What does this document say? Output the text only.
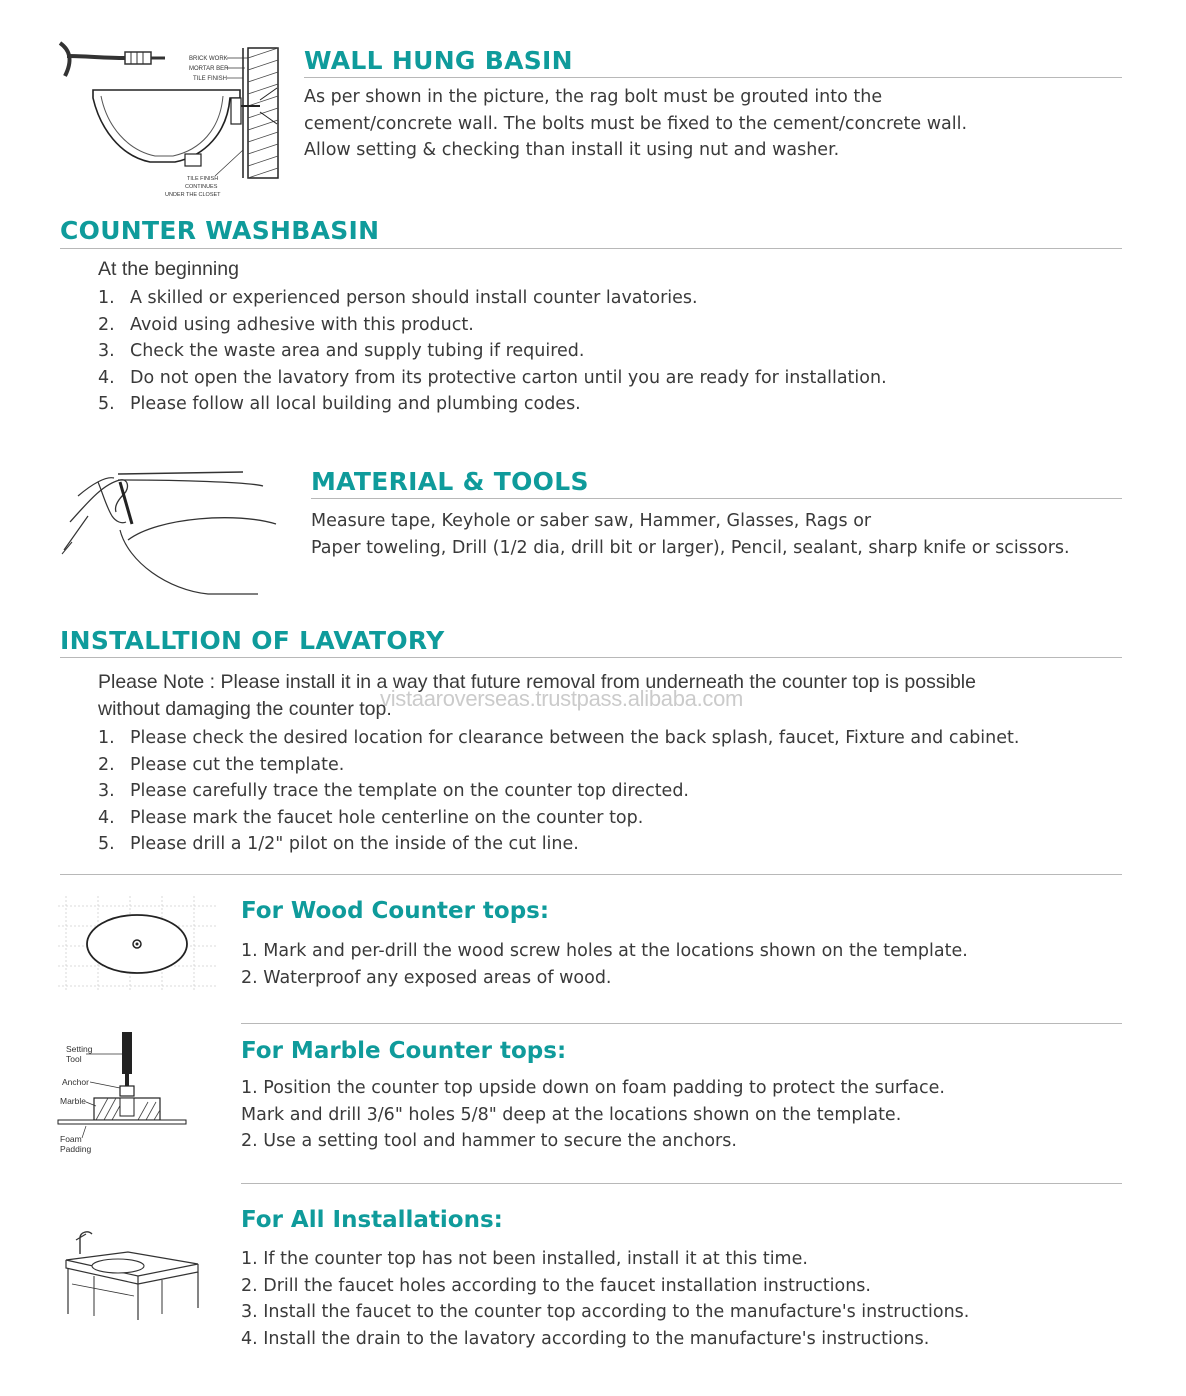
BRICK WORK
MORTAR BER
TILE FINISH
TILE FINISH
CONTINUES
UNDER THE CLOSET
WALL HUNG BASIN
As per shown in the picture, the rag bolt must be grouted into the
cement/concrete wall. The bolts must be fixed to the cement/concrete wall.
Allow setting & checking than install it using nut and washer.
COUNTER WASHBASIN
At the beginning
1. A skilled or experienced person should install counter lavatories.
2. Avoid using adhesive with this product.
3. Check the waste area and supply tubing if required.
4. Do not open the lavatory from its protective carton until you are ready for installation.
5. Please follow all local building and plumbing codes.
MATERIAL & TOOLS
Measure tape, Keyhole or saber saw, Hammer, Glasses, Rags or
Paper toweling, Drill (1/2 dia, drill bit or larger), Pencil, sealant, sharp knife or scissors.
INSTALLTION OF LAVATORY
Please Note : Please install it in a way that future removal from underneath the counter top is possible
without damaging the counter top.
vistaaroverseas.trustpass.alibaba.com
1. Please check the desired location for clearance between the back splash, faucet, Fixture and cabinet.
2. Please cut the template.
3. Please carefully trace the template on the counter top directed.
4. Please mark the faucet hole centerline on the counter top.
5. Please drill a 1/2" pilot on the inside of the cut line.
For Wood Counter tops:
1. Mark and per-drill the wood screw holes at the locations shown on the template.
2. Waterproof any exposed areas of wood.
Setting
Tool
Anchor
Marble
Foam
Padding
For Marble Counter tops:
1. Position the counter top upside down on foam padding to protect the surface.
Mark and drill 3/6" holes 5/8" deep at the locations shown on the template.
2. Use a setting tool and hammer to secure the anchors.
For All Installations:
1. If the counter top has not been installed, install it at this time.
2. Drill the faucet holes according to the faucet installation instructions.
3. Install the faucet to the counter top according to the manufacture's instructions.
4. Install the drain to the lavatory according to the manufacture's instructions.
